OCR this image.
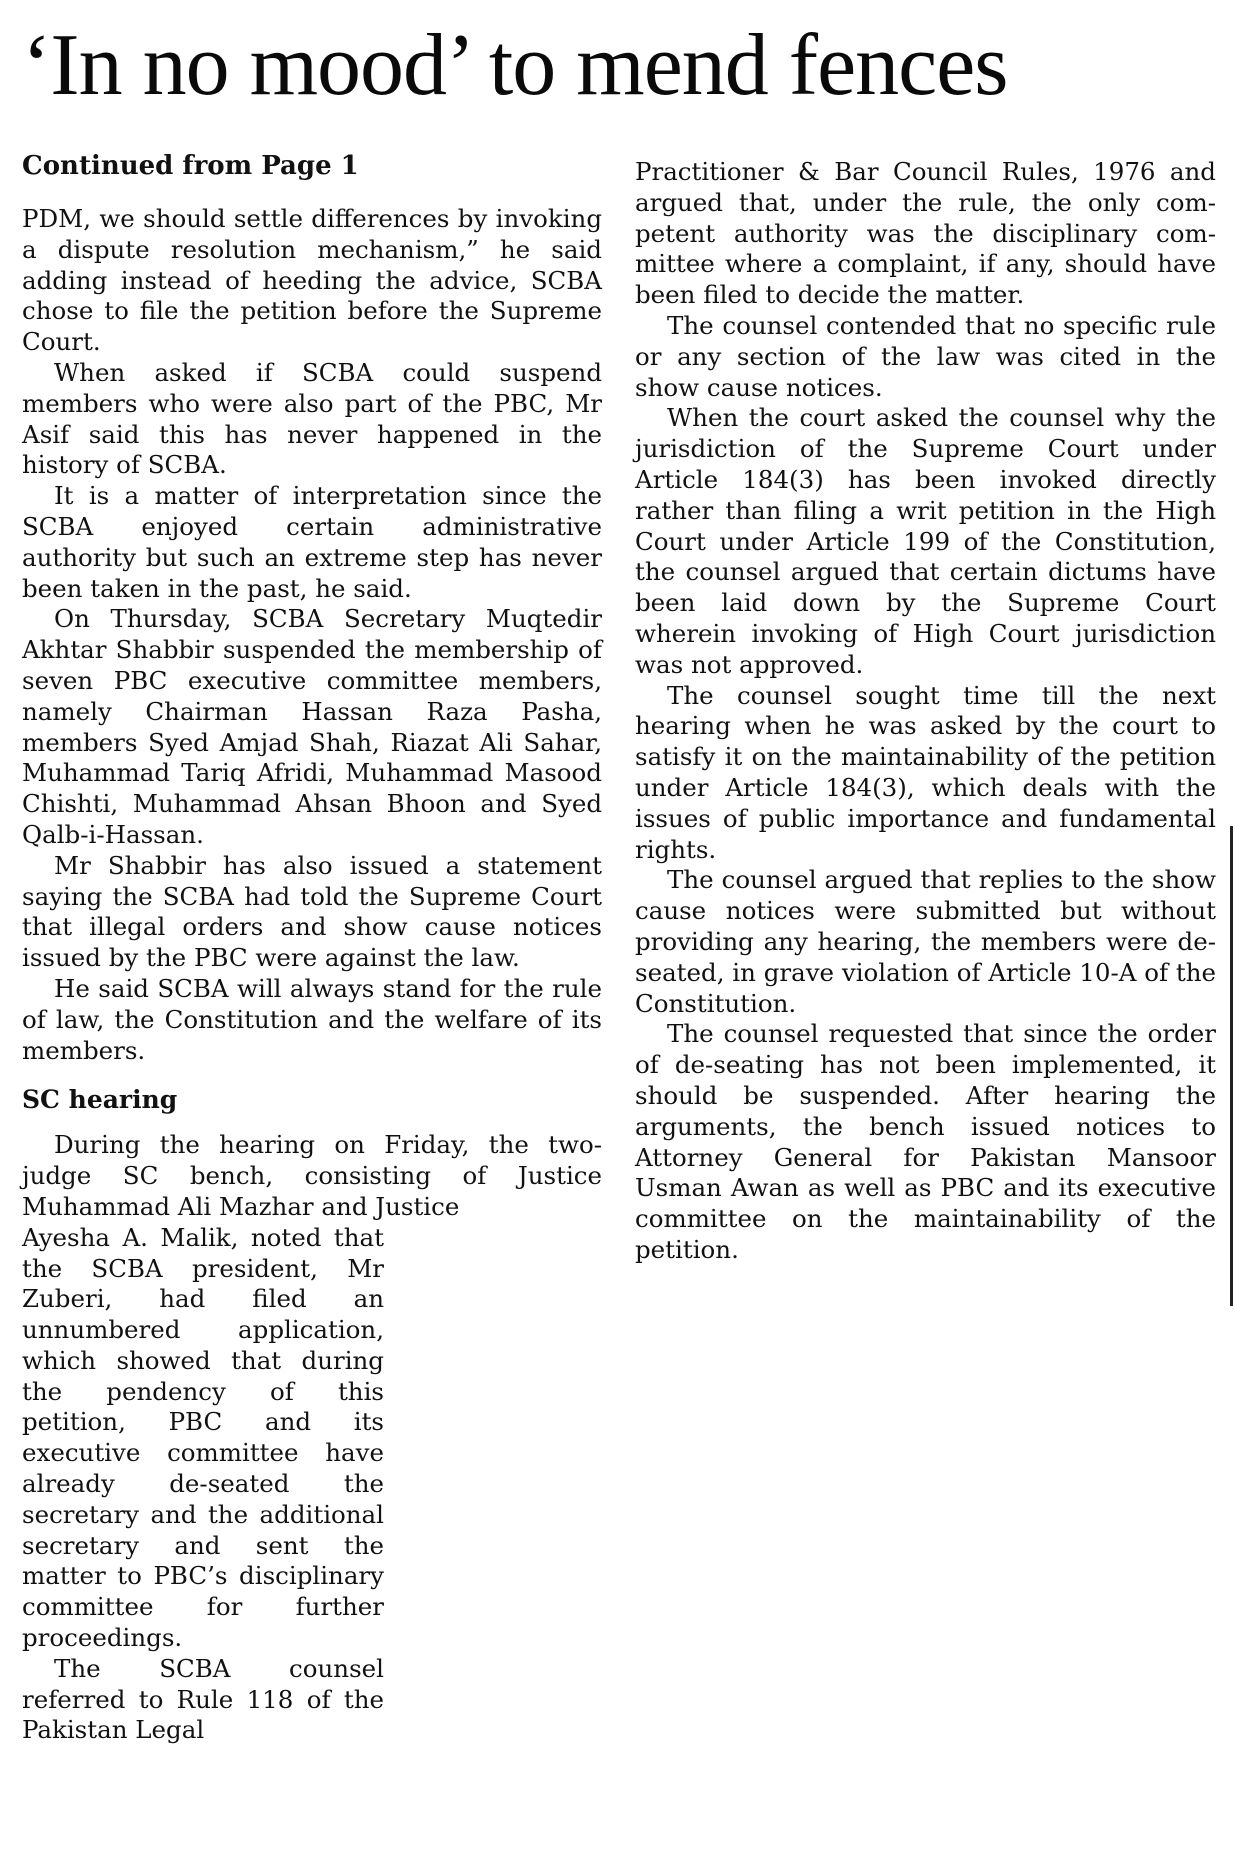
‘In no mood’ to mend fences
Continued from Page 1

PDM, we should settle differences by invoking a dispute resolution mechanism,” he said adding instead of heeding the advice, SCBA chose to file the petition before the Supreme Court.

When asked if SCBA could suspend members who were also part of the PBC, Mr Asif said this has never happened in the history of SCBA.

It is a matter of interpretation since the SCBA enjoyed certain administrative authority but such an extreme step has never been taken in the past, he said.

On Thursday, SCBA Secretary Muqtedir Akhtar Shabbir suspended the membership of seven PBC executive committee members, namely Chairman Hassan Raza Pasha, members Syed Amjad Shah, Riazat Ali Sahar, Muhammad Tariq Afridi, Muhammad Masood Chishti, Muhammad Ahsan Bhoon and Syed Qalb-i-Hassan.

Mr Shabbir has also issued a statement saying the SCBA had told the Supreme Court that illegal orders and show cause notices issued by the PBC were against the law.

He said SCBA will always stand for the rule of law, the Constitution and the welfare of its members.

SC hearing

During the hearing on Friday, the two-judge SC bench, consisting of Justice Muhammad Ali Mazhar and Justice

Ayesha A. Malik, noted that the SCBA president, Mr Zuberi, had filed an unnumbered application, which showed that during the pendency of this petition, PBC and its executive committee have already de-seated the secretary and the additional secretary and sent the matter to PBC’s disciplinary committee for further proceedings.

The SCBA counsel referred to Rule 118 of the Pakistan Legal

Practitioner & Bar Council Rules, 1976 and argued that, under the rule, the only competent authority was the disciplinary committee where a complaint, if any, should have been filed to decide the matter.

The counsel contended that no specific rule or any section of the law was cited in the show cause notices.

When the court asked the counsel why the jurisdiction of the Supreme Court under Article 184(3) has been invoked directly rather than filing a writ petition in the High Court under Article 199 of the Constitution, the counsel argued that certain dictums have been laid down by the Supreme Court wherein invoking of High Court jurisdiction was not approved.

The counsel sought time till the next hearing when he was asked by the court to satisfy it on the maintainability of the petition under Article 184(3), which deals with the issues of public importance and fundamental rights.

The counsel argued that replies to the show cause notices were submitted but without providing any hearing, the members were de-seated, in grave violation of Article 10-A of the Constitution.

The counsel requested that since the order of de-seating has not been implemented, it should be suspended. After hearing the arguments, the bench issued notices to Attorney General for Pakistan Mansoor Usman Awan as well as PBC and its executive committee on the maintainability of the petition.
